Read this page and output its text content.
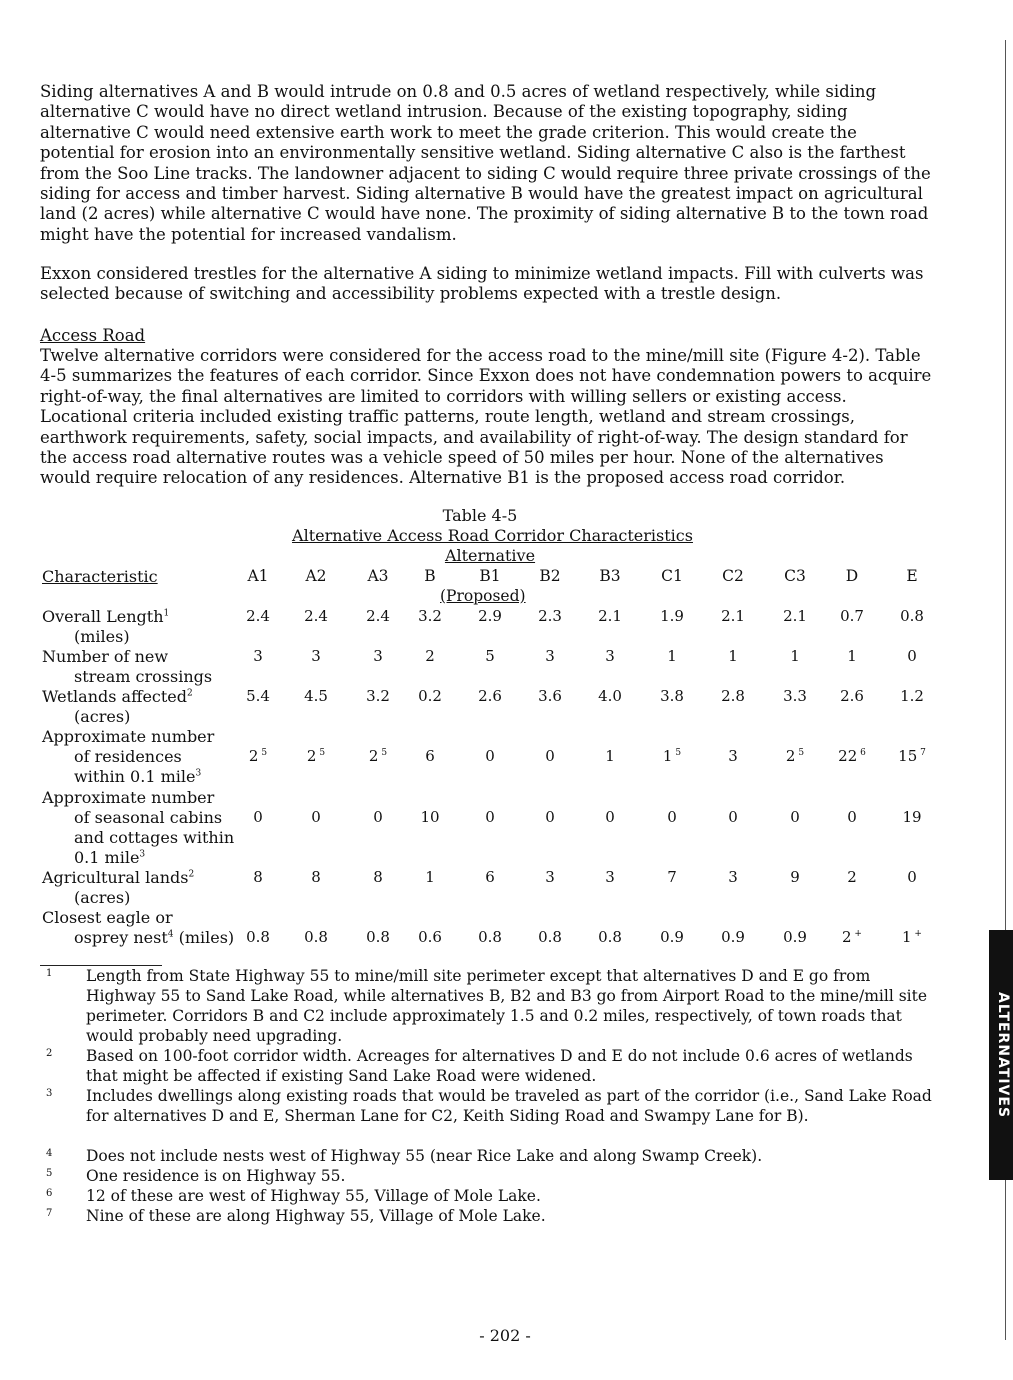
Siding alternatives A and B would intrude on 0.8 and 0.5 acres of wetland respectively, while siding alternative C would have no direct wetland intrusion. Because of the existing topography, siding alternative C would need extensive earth work to meet the grade criterion. This would create the potential for erosion into an environmentally sensitive wetland. Siding alternative C also is the farthest from the Soo Line tracks. The landowner adjacent to siding C would require three private crossings of the siding for access and timber harvest. Siding alternative B would have the greatest impact on agricultural land (2 acres) while alternative C would have none. The proximity of siding alternative B to the town road might have the potential for increased vandalism.

Exxon considered trestles for the alternative A siding to minimize wetland impacts. Fill with culverts was selected because of switching and accessibility problems expected with a trestle design.

Access Road

Twelve alternative corridors were considered for the access road to the mine/mill site (Figure 4-2). Table 4-5 summarizes the features of each corridor. Since Exxon does not have condemnation powers to acquire right-of-way, the final alternatives are limited to corridors with willing sellers or existing access. Locational criteria included existing traffic patterns, route length, wetland and stream crossings, earthwork requirements, safety, social impacts, and availability of right-of-way. The design standard for the access road alternative routes was a vehicle speed of 50 miles per hour. None of the alternatives would require relocation of any residences. Alternative B1 is the proposed access road corridor.

Table 4-5
Alternative Access Road Corridor Characteristics
Alternative
Characteristic	A1	A2	A3	B	B1	B2	B3	C1	C2	C3	D	E
(Proposed)
Overall Length$^1$
(miles)
2.4	2.4	2.4	3.2	2.9	2.3	2.1	1.9	2.1	2.1	0.7	0.8
Number of new
stream crossings
3	3	3	2	5	3	3	1	1	1	1	0
Wetlands affected$^2$
(acres)
5.4	4.5	3.2	0.2	2.6	3.6	4.0	3.8	2.8	3.3	2.6	1.2
Approximate number
of residences
within 0.1 mile$^3$
2 $^5$	2 $^5$	2 $^5$	6	0	0	1	1 $^5$	3	2 $^5$	22 $^6$	15 $^7$
Approximate number
of seasonal cabins
and cottages within
0.1 mile$^3$
0	0	0	10	0	0	0	0	0	0	0	19
Agricultural lands$^2$
(acres)
8	8	8	1	6	3	3	7	3	9	2	0
Closest eagle or
osprey nest$^4$ (miles) 0.8	0.8	0.8	0.6	0.8	0.8	0.8	0.9	0.9	0.9	2 +	1 +
1 Length from State Highway 55 to mine/mill site perimeter except that alternatives D and E go from Highway 55 to Sand Lake Road, while alternatives B, B2 and B3 go from Airport Road to the mine/mill site perimeter. Corridors B and C2 include approximately 1.5 and 0.2 miles, respectively, of town roads that would probably need upgrading.
2 Based on 100-foot corridor width. Acreages for alternatives D and E do not include 0.6 acres of wetlands that might be affected if existing Sand Lake Road were widened.
3 Includes dwellings along existing roads that would be traveled as part of the corridor (i.e., Sand Lake Road for alternatives D and E, Sherman Lane for C2, Keith Siding Road and Swampy Lane for B).
4 Does not include nests west of Highway 55 (near Rice Lake and along Swamp Creek).
5 One residence is on Highway 55.
6 12 of these are west of Highway 55, Village of Mole Lake.
7 Nine of these are along Highway 55, Village of Mole Lake.
ALTERNATIVES
- 202 -
